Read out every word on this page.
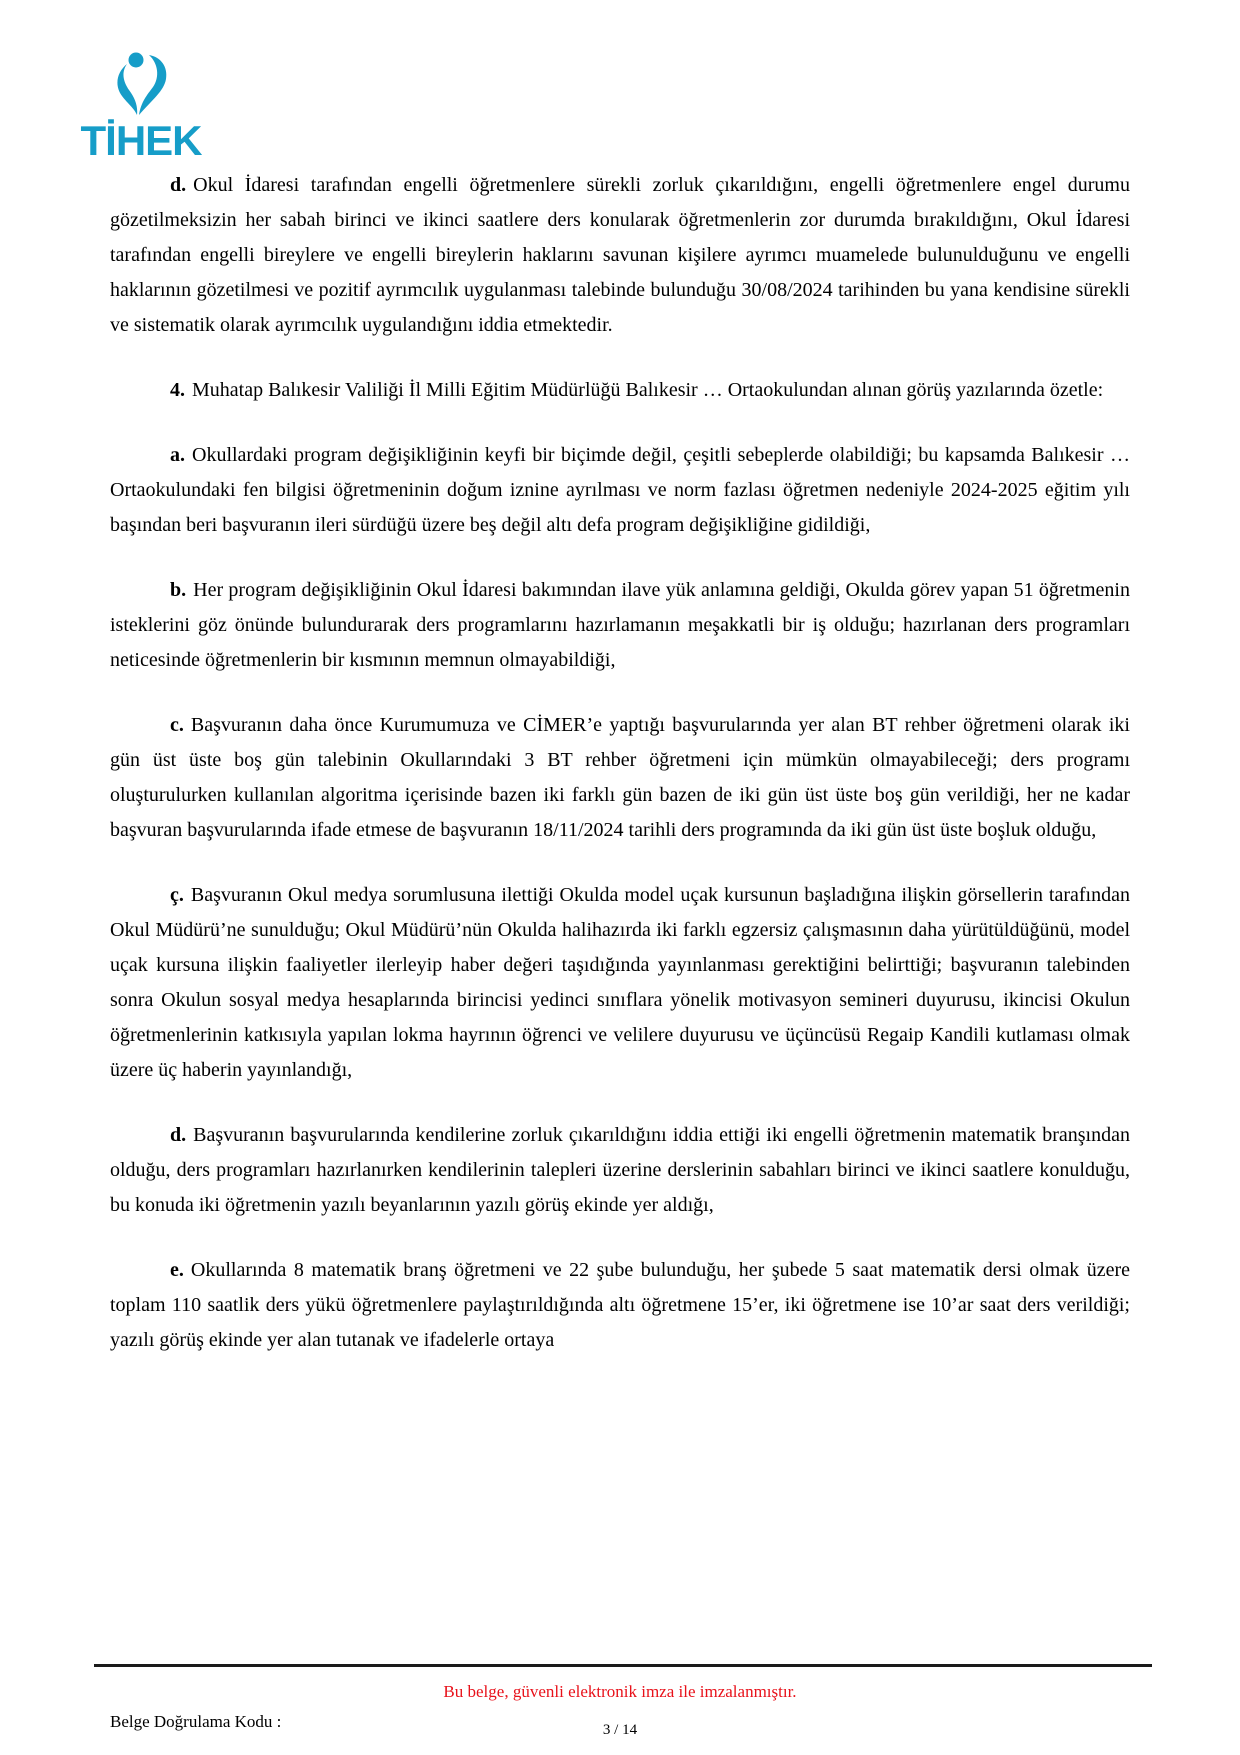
TİHEK

d. Okul İdaresi tarafından engelli öğretmenlere sürekli zorluk çıkarıldığını, engelli öğretmenlere engel durumu gözetilmeksizin her sabah birinci ve ikinci saatlere ders konularak öğretmenlerin zor durumda bırakıldığını, Okul İdaresi tarafından engelli bireylere ve engelli bireylerin haklarını savunan kişilere ayrımcı muamelede bulunulduğunu ve engelli haklarının gözetilmesi ve pozitif ayrımcılık uygulanması talebinde bulunduğu 30/08/2024 tarihinden bu yana kendisine sürekli ve sistematik olarak ayrımcılık uygulandığını iddia etmektedir.

4. Muhatap Balıkesir Valiliği İl Milli Eğitim Müdürlüğü Balıkesir … Ortaokulundan alınan görüş yazılarında özetle:

a. Okullardaki program değişikliğinin keyfi bir biçimde değil, çeşitli sebeplerde olabildiği; bu kapsamda Balıkesir … Ortaokulundaki fen bilgisi öğretmeninin doğum iznine ayrılması ve norm fazlası öğretmen nedeniyle 2024-2025 eğitim yılı başından beri başvuranın ileri sürdüğü üzere beş değil altı defa program değişikliğine gidildiği,

b. Her program değişikliğinin Okul İdaresi bakımından ilave yük anlamına geldiği, Okulda görev yapan 51 öğretmenin isteklerini göz önünde bulundurarak ders programlarını hazırlamanın meşakkatli bir iş olduğu; hazırlanan ders programları neticesinde öğretmenlerin bir kısmının memnun olmayabildiği,

c. Başvuranın daha önce Kurumumuza ve CİMER’e yaptığı başvurularında yer alan BT rehber öğretmeni olarak iki gün üst üste boş gün talebinin Okullarındaki 3 BT rehber öğretmeni için mümkün olmayabileceği; ders programı oluşturulurken kullanılan algoritma içerisinde bazen iki farklı gün bazen de iki gün üst üste boş gün verildiği, her ne kadar başvuran başvurularında ifade etmese de başvuranın 18/11/2024 tarihli ders programında da iki gün üst üste boşluk olduğu,

ç. Başvuranın Okul medya sorumlusuna ilettiği Okulda model uçak kursunun başladığına ilişkin görsellerin tarafından Okul Müdürü’ne sunulduğu; Okul Müdürü’nün Okulda halihazırda iki farklı egzersiz çalışmasının daha yürütüldüğünü, model uçak kursuna ilişkin faaliyetler ilerleyip haber değeri taşıdığında yayınlanması gerektiğini belirttiği; başvuranın talebinden sonra Okulun sosyal medya hesaplarında birincisi yedinci sınıflara yönelik motivasyon semineri duyurusu, ikincisi Okulun öğretmenlerinin katkısıyla yapılan lokma hayrının öğrenci ve velilere duyurusu ve üçüncüsü Regaip Kandili kutlaması olmak üzere üç haberin yayınlandığı,

d. Başvuranın başvurularında kendilerine zorluk çıkarıldığını iddia ettiği iki engelli öğretmenin matematik branşından olduğu, ders programları hazırlanırken kendilerinin talepleri üzerine derslerinin sabahları birinci ve ikinci saatlere konulduğu, bu konuda iki öğretmenin yazılı beyanlarının yazılı görüş ekinde yer aldığı,

e. Okullarında 8 matematik branş öğretmeni ve 22 şube bulunduğu, her şubede 5 saat matematik dersi olmak üzere toplam 110 saatlik ders yükü öğretmenlere paylaştırıldığında altı öğretmene 15’er, iki öğretmene ise 10’ar saat ders verildiği; yazılı görüş ekinde yer alan tutanak ve ifadelerle ortaya

Bu belge, güvenli elektronik imza ile imzalanmıştır.
Belge Doğrulama Kodu :	3 / 14
